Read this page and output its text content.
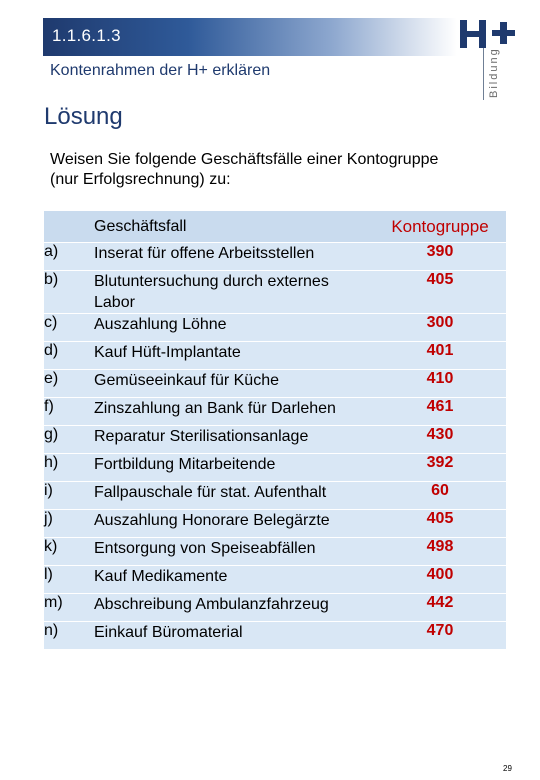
1.1.6.1.3
Kontenrahmen der H+ erklären	Bildung
Lösung
Weisen Sie folgende Geschäftsfälle einer Kontogruppe (nur Erfolgsrechnung) zu:
	Geschäftsfall	Kontogruppe
a)	Inserat für offene Arbeitsstellen	390
b)	Blutuntersuchung durch externes Labor	405
c)	Auszahlung Löhne	300
d)	Kauf Hüft-Implantate	401
e)	Gemüseeinkauf für Küche	410
f)	Zinszahlung an Bank für Darlehen	461
g)	Reparatur Sterilisationsanlage	430
h)	Fortbildung Mitarbeitende	392
i)	Fallpauschale für stat. Aufenthalt	60
j)	Auszahlung Honorare Belegärzte	405
k)	Entsorgung von Speiseabfällen	498
l)	Kauf Medikamente	400
m)	Abschreibung Ambulanzfahrzeug	442
n)	Einkauf Büromaterial	470
29
